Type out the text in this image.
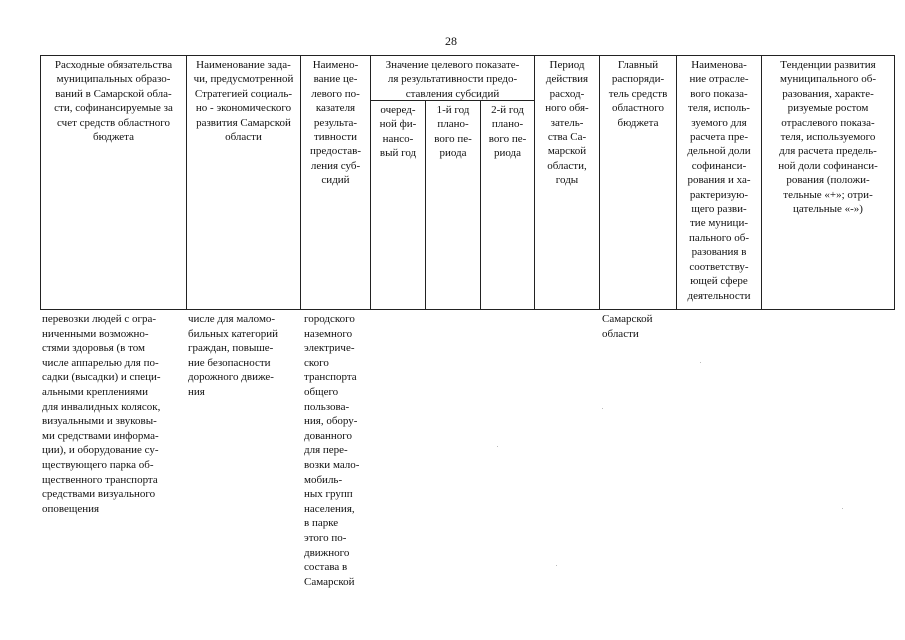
28
Расходные обязательства
муниципальных образо-
ваний в Самарской обла-
сти, софинансируемые за
счет средств областного
бюджета
Наименование зада-
чи, предусмотренной
Стратегией социаль-
но - экономического
развития Самарской
области
Наимено-
вание це-
левого по-
казателя
результа-
тивности
предостав-
ления суб-
сидий
Значение целевого показате-
ля результативности предо-
ставления субсидий
очеред-
ной фи-
нансо-
вый год
1-й год
плано-
вого пе-
риода
2-й год
плано-
вого пе-
риода
Период
действия
расход-
ного обя-
затель-
ства Са-
марской
области,
годы
Главный
распоряди-
тель средств
областного
бюджета
Наименова-
ние отрасле-
вого показа-
теля, исполь-
зуемого для
расчета пре-
дельной доли
софинанси-
рования и ха-
рактеризую-
щего разви-
тие муници-
пального об-
разования в
соответству-
ющей сфере
деятельности
Тенденции развития
муниципального об-
разования, характе-
ризуемые ростом
отраслевого показа-
теля, используемого
для расчета предель-
ной доли софинанси-
рования (положи-
тельные «+»; отри-
цательные «-»)
перевозки людей с огра-
ниченными возможно-
стями здоровья (в том
числе аппарелью для по-
садки (высадки) и специ-
альными креплениями
для инвалидных колясок,
визуальными и звуковы-
ми средствами информа-
ции), и оборудование су-
ществующего парка об-
щественного транспорта
средствами визуального
оповещения
числе для маломо-
бильных категорий
граждан, повыше-
ние безопасности
дорожного движе-
ния
городского
наземного
электриче-
ского
транспорта
общего
пользова-
ния, обору-
дованного
для пере-
возки мало-
мобиль-
ных групп
населения,
в парке
этого по-
движного
состава в
Самарской
Самарской
области
